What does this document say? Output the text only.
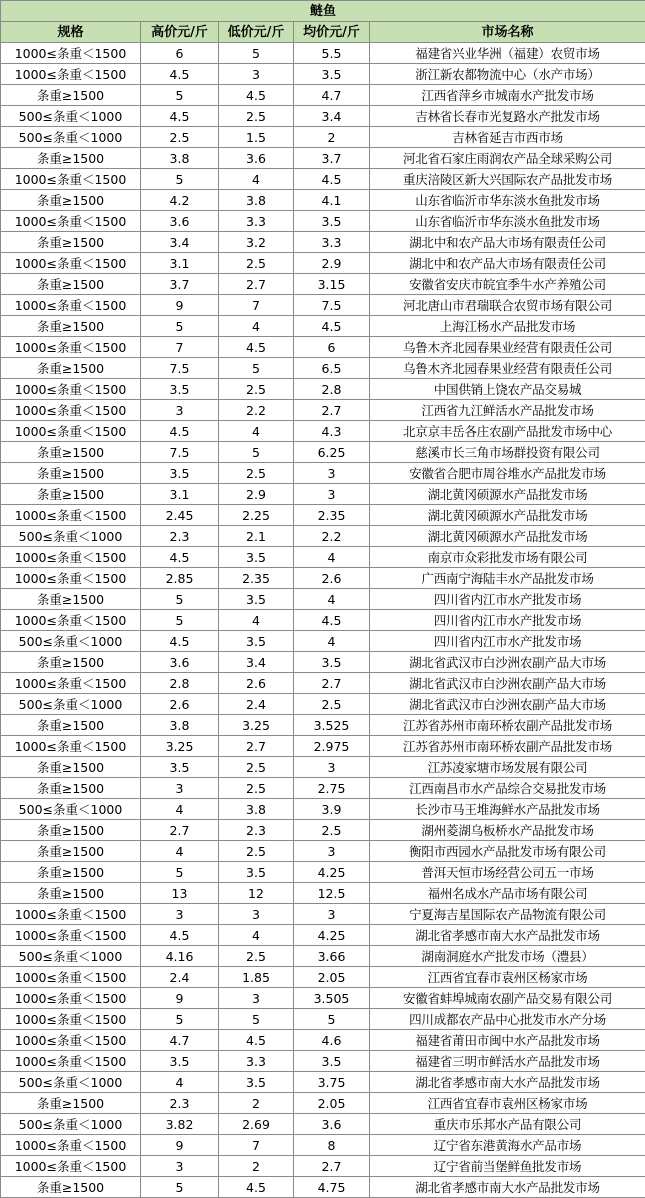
鲢鱼				
规格	高价元/斤	低价元/斤	均价元/斤	市场名称
1000≤条重＜1500	6	5	5.5	福建省兴业华洲（福建）农贸市场
1000≤条重＜1500	4.5	3	3.5	浙江新农都物流中心（水产市场）
条重≥1500	5	4.5	4.7	江西省萍乡市城南水产批发市场
500≤条重＜1000	4.5	2.5	3.4	吉林省长春市光复路水产批发市场
500≤条重＜1000	2.5	1.5	2	吉林省延吉市西市场
条重≥1500	3.8	3.6	3.7	河北省石家庄雨润农产品全球采购公司
1000≤条重＜1500	5	4	4.5	重庆涪陵区新大兴国际农产品批发市场
条重≥1500	4.2	3.8	4.1	山东省临沂市华东淡水鱼批发市场
1000≤条重＜1500	3.6	3.3	3.5	山东省临沂市华东淡水鱼批发市场
条重≥1500	3.4	3.2	3.3	湖北中和农产品大市场有限责任公司
1000≤条重＜1500	3.1	2.5	2.9	湖北中和农产品大市场有限责任公司
条重≥1500	3.7	2.7	3.15	安徽省安庆市皖宜季牛水产养殖公司
1000≤条重＜1500	9	7	7.5	河北唐山市君瑞联合农贸市场有限公司
条重≥1500	5	4	4.5	上海江杨水产品批发市场
1000≤条重＜1500	7	4.5	6	乌鲁木齐北园春果业经营有限责任公司
条重≥1500	7.5	5	6.5	乌鲁木齐北园春果业经营有限责任公司
1000≤条重＜1500	3.5	2.5	2.8	中国供销上饶农产品交易城
1000≤条重＜1500	3	2.2	2.7	江西省九江鲜活水产品批发市场
1000≤条重＜1500	4.5	4	4.3	北京京丰岳各庄农副产品批发市场中心
条重≥1500	7.5	5	6.25	慈溪市长三角市场群投资有限公司
条重≥1500	3.5	2.5	3	安徽省合肥市周谷堆水产品批发市场
条重≥1500	3.1	2.9	3	湖北黄冈硕源水产品批发市场
1000≤条重＜1500	2.45	2.25	2.35	湖北黄冈硕源水产品批发市场
500≤条重＜1000	2.3	2.1	2.2	湖北黄冈硕源水产品批发市场
1000≤条重＜1500	4.5	3.5	4	南京市众彩批发市场有限公司
1000≤条重＜1500	2.85	2.35	2.6	广西南宁海陆丰水产品批发市场
条重≥1500	5	3.5	4	四川省内江市水产批发市场
1000≤条重＜1500	5	4	4.5	四川省内江市水产批发市场
500≤条重＜1000	4.5	3.5	4	四川省内江市水产批发市场
条重≥1500	3.6	3.4	3.5	湖北省武汉市白沙洲农副产品大市场
1000≤条重＜1500	2.8	2.6	2.7	湖北省武汉市白沙洲农副产品大市场
500≤条重＜1000	2.6	2.4	2.5	湖北省武汉市白沙洲农副产品大市场
条重≥1500	3.8	3.25	3.525	江苏省苏州市南环桥农副产品批发市场
1000≤条重＜1500	3.25	2.7	2.975	江苏省苏州市南环桥农副产品批发市场
条重≥1500	3.5	2.5	3	江苏凌家塘市场发展有限公司
条重≥1500	3	2.5	2.75	江西南昌市水产品综合交易批发市场
500≤条重＜1000	4	3.8	3.9	长沙市马王堆海鲜水产品批发市场
条重≥1500	2.7	2.3	2.5	湖州菱湖乌板桥水产品批发市场
条重≥1500	4	2.5	3	衡阳市西园水产品批发市场有限公司
条重≥1500	5	3.5	4.25	普洱天恒市场经营公司五一市场
条重≥1500	13	12	12.5	福州名成水产品市场有限公司
1000≤条重＜1500	3	3	3	宁夏海吉星国际农产品物流有限公司
1000≤条重＜1500	4.5	4	4.25	湖北省孝感市南大水产品批发市场
500≤条重＜1000	4.16	2.5	3.66	湖南洞庭水产批发市场（澧县）
1000≤条重＜1500	2.4	1.85	2.05	江西省宜春市袁州区杨家市场
1000≤条重＜1500	9	3	3.505	安徽省蚌埠城南农副产品交易有限公司
1000≤条重＜1500	5	5	5	四川成都农产品中心批发市水产分场
1000≤条重＜1500	4.7	4.5	4.6	福建省莆田市闽中水产品批发市场
1000≤条重＜1500	3.5	3.3	3.5	福建省三明市鲜活水产品批发市场
500≤条重＜1000	4	3.5	3.75	湖北省孝感市南大水产品批发市场
条重≥1500	2.3	2	2.05	江西省宜春市袁州区杨家市场
500≤条重＜1000	3.82	2.69	3.6	重庆市乐邦水产品有限公司
1000≤条重＜1500	9	7	8	辽宁省东港黄海水产品市场
1000≤条重＜1500	3	2	2.7	辽宁省前当堡鲜鱼批发市场
条重≥1500	5	4.5	4.75	湖北省孝感市南大水产品批发市场
